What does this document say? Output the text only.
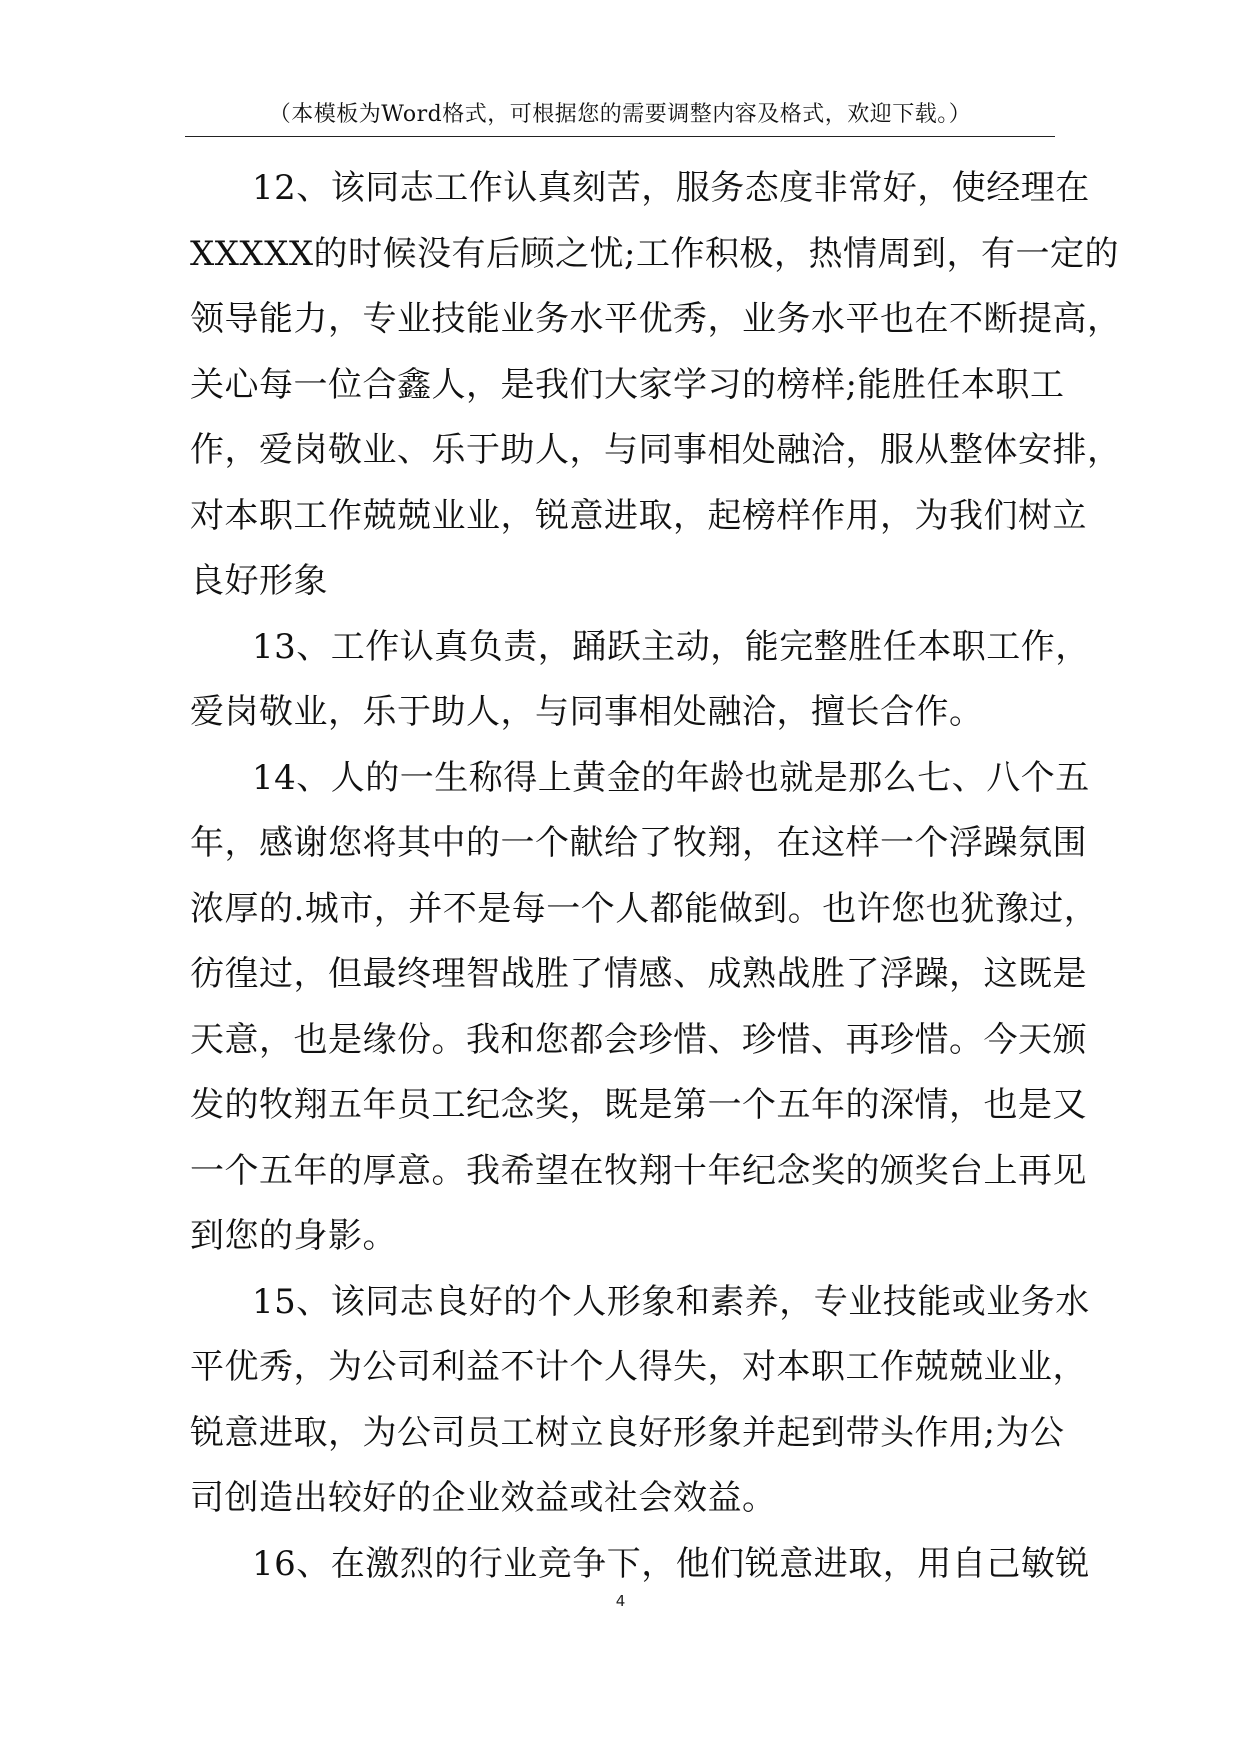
（本模板为Word格式，可根据您的需要调整内容及格式，欢迎下载。）
12、该同志工作认真刻苦，服务态度非常好，使经理在
XXXXX的时候没有后顾之忧;工作积极，热情周到，有一定的
领导能力，专业技能业务水平优秀，业务水平也在不断提高，
关心每一位合鑫人，是我们大家学习的榜样;能胜任本职工
作，爱岗敬业、乐于助人，与同事相处融洽，服从整体安排，
对本职工作兢兢业业，锐意进取，起榜样作用，为我们树立
良好形象
13、工作认真负责，踊跃主动，能完整胜任本职工作，
爱岗敬业，乐于助人，与同事相处融洽，擅长合作。
14、人的一生称得上黄金的年龄也就是那么七、八个五
年，感谢您将其中的一个献给了牧翔，在这样一个浮躁氛围
浓厚的.城市，并不是每一个人都能做到。也许您也犹豫过，
彷徨过，但最终理智战胜了情感、成熟战胜了浮躁，这既是
天意，也是缘份。我和您都会珍惜、珍惜、再珍惜。今天颁
发的牧翔五年员工纪念奖，既是第一个五年的深情，也是又
一个五年的厚意。我希望在牧翔十年纪念奖的颁奖台上再见
到您的身影。
15、该同志良好的个人形象和素养，专业技能或业务水
平优秀，为公司利益不计个人得失，对本职工作兢兢业业，
锐意进取，为公司员工树立良好形象并起到带头作用;为公
司创造出较好的企业效益或社会效益。
16、在激烈的行业竞争下，他们锐意进取，用自己敏锐
4
